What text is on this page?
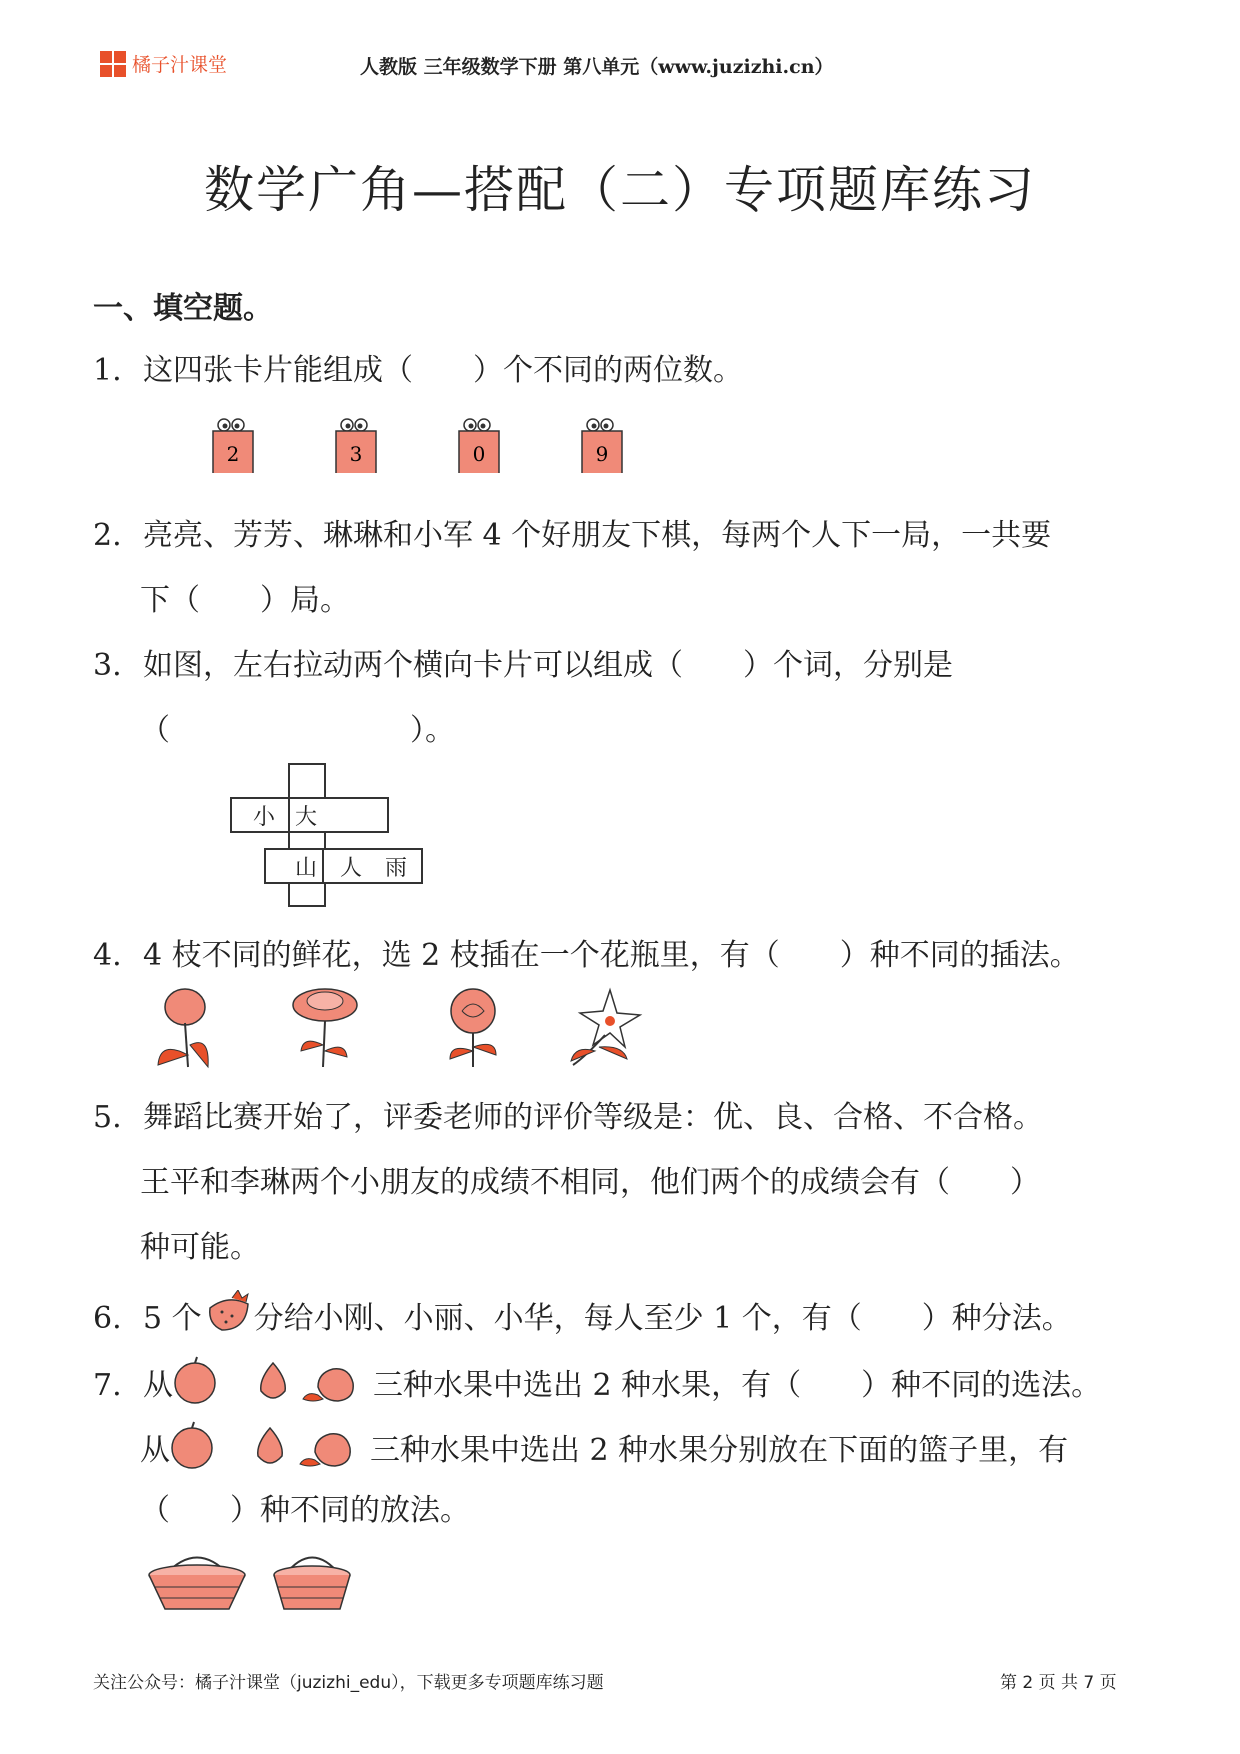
橘子汁课堂	人教版 三年级数学下册 第八单元（www.juzizhi.cn）
数学广角—搭配（二）专项题库练习
一、填空题。
1. 这四张卡片能组成（　　）个不同的两位数。
2	3	0	9
2. 亮亮、芳芳、琳琳和小军 4 个好朋友下棋，每两个人下一局，一共要
下（　　）局。
3. 如图，左右拉动两个横向卡片可以组成（　　）个词，分别是
（　　　　　　　　）。
小 大
山 人 雨
4. 4 枝不同的鲜花，选 2 枝插在一个花瓶里，有（　　）种不同的插法。
5. 舞蹈比赛开始了，评委老师的评价等级是：优、良、合格、不合格。
王平和李琳两个小朋友的成绩不相同，他们两个的成绩会有（　　）
种可能。
6. 5 个 分给小刚、小丽、小华，每人至少 1 个，有（　　）种分法。
7. 从	三种水果中选出 2 种水果，有（　　）种不同的选法。
从	三种水果中选出 2 种水果分别放在下面的篮子里，有
（　　）种不同的放法。
关注公众号：橘子汁课堂（juzizhi_edu），下载更多专项题库练习题	第 2 页 共 7 页
